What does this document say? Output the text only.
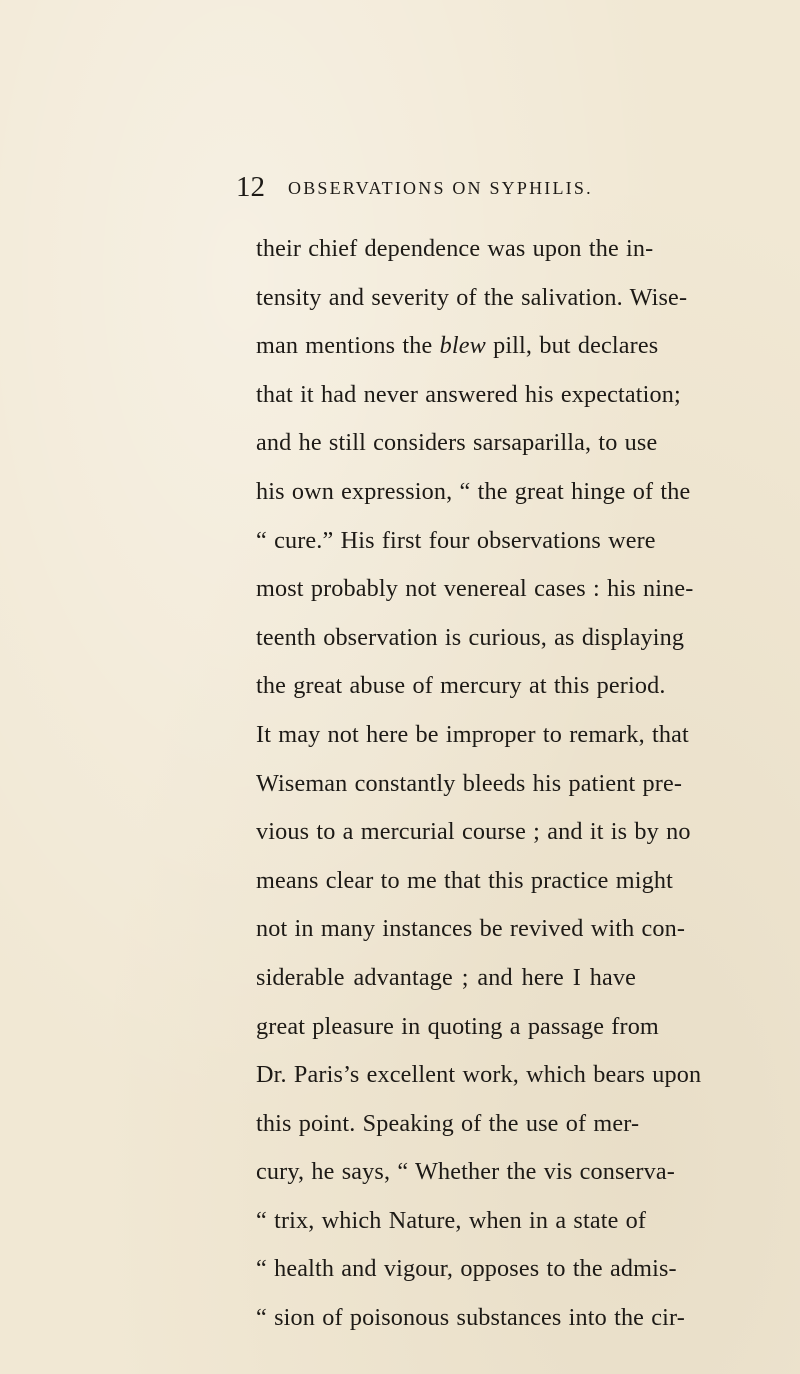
12 OBSERVATIONS ON SYPHILIS.
their chief dependence was upon the in-
tensity and severity of the salivation. Wise-
man mentions the blew pill, but declares
that it had never answered his expectation;
and he still considers sarsaparilla, to use
his own expression, “ the great hinge of the
“ cure.” His first four observations were
most probably not venereal cases : his nine-
teenth observation is curious, as displaying
the great abuse of mercury at this period.
It may not here be improper to remark, that
Wiseman constantly bleeds his patient pre-
vious to a mercurial course ; and it is by no
means clear to me that this practice might
not in many instances be revived with con-
siderable advantage ; and here I have
great pleasure in quoting a passage from
Dr. Paris’s excellent work, which bears upon
this point. Speaking of the use of mer-
cury, he says, “ Whether the vis conserva-
“ trix, which Nature, when in a state of
“ health and vigour, opposes to the admis-
“ sion of poisonous substances into the cir-
